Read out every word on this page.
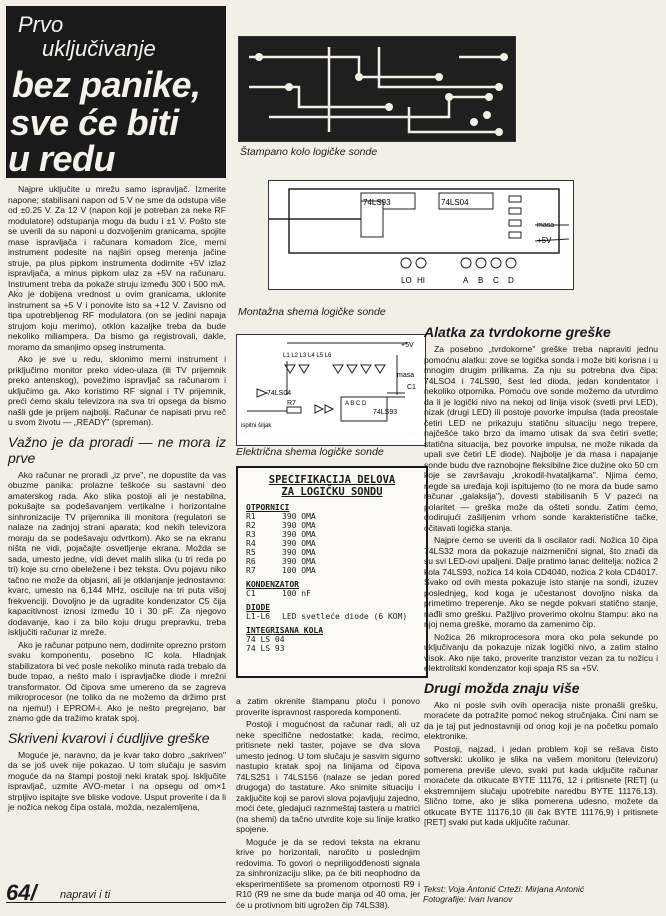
Prvo
uključivanje
bez panike,
sve će biti
u redu

Najpre uključite u mrežu samo ispravljač. Izmerite napone; stabilisani napon od 5 V ne sme da odstupa više od ±0.25 V. Za 12 V (napon koji je potreban za neke RF modulatore) odstupanja mogu da budu i ±1 V. Pošto ste se uverili da su naponi u dozvoljenim granicama, spojite mase ispravljača i računara komadom žice, merni instrument podesite na najširi opseg merenja jačine struje, pa plus pipkom instrumenta dodirnite +5V izlaz ispravljača, a minus pipkom ulaz za +5V na računaru. Instrument treba da pokaže struju između 300 i 500 mA. Ako je dobijena vrednost u ovim granicama, uklonite instrument sa +5 V i ponovite isto sa +12 V. Zavisno od tipa upotrebljenog RF modulatora (on se jedini napaja strujom koju merimo), otklon kazaljke treba da bude nekoliko miliampera. Da bismo ga registrovali, dakle, moramo da smanjimo opseg instrumenta.

Ako je sve u redu, sklonimo merni instrument i priključimo monitor preko video-ulaza (ili TV prijemnik preko antenskog), povežimo ispravljač sa računarom i uključimo ga. Ako koristimo RF signal i TV prijemnik, preći ćemo skalu televizora na sva tri opsega da bismo našli gde je prijem najbolji. Računar će napisati prvu reč u svom životu — „READY" (spreman).

Važno je da proradi — ne mora iz prve

Ako računar ne proradi „iz prve", ne dopustite da vas obuzme panika: prolazne teškoće su sastavni deo amaterskog rada. Ako slika postoji ali je nestabilna, pokušajte sa podešavanjem vertikalne i horizontalne sinhronizacije TV prijemnika ili monitora (regulatori se nalaze na zadnjoj strani aparata; kod nekih televizora moraju da se podešavaju odvrtkom). Ako se na ekranu ništa ne vidi, pojačajte osvetljenje ekrana. Možda se sada, umesto jedne, vidi devet malih slika (u tri reda po tri) koje su crno obeležene i bez teksta. Ovu pojavu niko tačno ne može da objasni, ali je otklanjanje jednostavno: kvarc, umesto na 6,144 MHz, osciluje na tri puta višoj frekvenciji. Dovoljno je da ugradite kondenzator C5 čija kapacitivnost iznosi između 10 i 30 pF. Za njegovo dodavanje, kao i za bilo koju drugu prepravku, treba isključiti računar iz mreže.

Ako je računar potpuno nem, dodirnite oprezno prstom svaku komponentu, posebno IC kola. Hladnjak stabilizatora bi već posle nekoliko minuta rada trebalo da bude topao, a nešto malo i ispravljačke diode i mrežni transformator. Od čipova sme umereno da se zagreva mikroprocesor (ne toliko da ne možemo da držimo prst na njemu!) i EPROM-i. Ako je nešto pregrejano, bar znamo gde da tražimo kratak spoj.

Skriveni kvarovi i ćudljive greške

Moguće je, naravno, da je kvar tako dobro „sakriven" da se još uvek nije pokazao. U tom slučaju je sasvim moguće da na štampi postoji neki kratak spoj. Isključite ispravljač, uzmite AVO-metar i na opsegu od om×1 strpljivo ispitajte sve bliske vodove. Usput proverite i da li je nožica nekog čipa ostala, možda, nezalemljena,

Štampano kolo logičke sonde
74LS93	74LS04
masa
+5V
LO HI	A B C D
Montažna shema logičke sonde
74LS93
74LS04
+5V
masa
R7
C1
ispitni šiljak
A B C D
L1 L2 L3 L4 L5 L6
Električna shema logičke sonde
SPECIFIKACIJA DELOVA
ZA LOGIČKU SONDU
OTPORNICI
R1	390 OMA
R2	390 OMA
R3	390 OMA
R4	390 OMA
R5	390 OMA
R6	390 OMA
R7	100 OMA
KONDENZATOR
C1	100 nF
DIODE
L1-L6	LED svetleće diode (6 KOM)
INTEGRISANA KOLA
74 LS 04
74 LS 93

a zatim okrenite štampanu ploču i ponovo proverite ispravnost rasporeda komponenti.

Postoji i mogućnost da računar radi, ali uz neke specifične nedostatke: kada, recimo, pritisnete neki taster, pojave se dva slova umesto jednog. U tom slučaju je sasvim sigurno nastupio kratak spoj na linijama od čipova 74LS251 i 74LS156 (nalaze se jedan pored drugoga) do tastature. Ako snimite situaciju i zaključite koji se parovi slova pojavljuju zajedno, moći ćete, gledajući raznmeštaj tastera u matrici (na shemi) da tačno utvrdite koje su linije kratko spojene.

Moguće je da se redovi teksta na ekranu krive po horizontali, naročito u poslednjim redovima. To govori o nepriligodđenosti signala za sinhronizaciju slike, pa će biti neophodno da eksperimentišete sa promenom otpornosti R9 i R10 (R9 ne sme da bude manja od 40 oma, jer će u protivnom biti ugrožen čip 74LS38).

Alatka za tvrdokorne greške

Za posebno „tvrdokorne" greške treba napraviti jednu pomoćnu alatku: zove se logička sonda i može biti korisna i u mnogim drugim prilikama. Za nju su potrebna dva čipa: 74LSO4 i 74LS90, šest led dioda, jedan kondentator i nekoliko otpornika. Pomoću ove sonde možemo da utvrdimo da li je logički nivo na nekoj od linija visok (svetli prvi LED), nizak (drugi LED) ili postoje povorke impulsa (tada preostale četiri LED ne prikazuju statičnu situaciju nego trepere, najčešće tako brzo da imamo utisak da sva četiri svetle; statična situacija, bez povorke impulsa, ne može nikada da upali sve četiri LE diode). Najbolje je da masa i napajanje sonde budu dve raznobojne fleksibilne žice dužine oko 50 cm koje se završavaju „krokodil-hvataljkama". Njima ćemo, negde sa uređaja koji ispitujemo (to ne mora da bude samo računar „galaksija"), dovesti stabilisanih 5 V pazeći na polaritet — greška može da ošteti sondu. Zatim ćemo, dodirujući zašiljenim vrhom sonde karakteristične tačke, očitavati logička stanja.

Najpre ćemo se uveriti da li oscilator radi. Nožica 10 čipa 74LS32 mora da pokazuje naizmenični signal, što znači da su svi LED-ovi upaljeni. Dalje pratimo lanac delitelja: nožica 2 kola 74LS93, nožica 14 kola CD4040, nožica 2 kola CD4017. Svako od ovih mesta pokazuje isto stanje na sondi, izuzev poslednjeg, kod koga je učestanost dovoljno niska da primetimo treperenje. Ako se negde pokvari statično stanje, nađli smo grešku. Pažljivo proverimo okolnu štampu: ako na njoj nema greške, moramo da zamenimo čip.

Nožica 26 mikroprocesora mora oko pola sekunde po uključivanju da pokazuje nizak logički nivo, a zatim stalno visok. Ako nije tako, proverite tranzistor vezan za tu nožicu i elektrolitski kondenzator koji spaja R5 sa +5V.

Drugi možda znaju više

Ako ni posle svih ovih operacija niste pronašli grešku, moraćete da potražite pomoć nekog stručnjaka. Čini nam se da je taj put jednostavniji od onog koji je na početku pomalo elektronike.

Postoji, najzad, i jedan problem koji se rešava čisto softverski: ukoliko je slika na vašem monitoru (televizoru) pomerena previše ulevo, svaki put kada uključite računar moraćete da otkucate BYTE 11176, 12 i pritisnete [RET] (u ekstremnijem slučaju upotrebite naredbu BYTE 11176,13). Slično tome, ako je slika pomerena udesno, možete da otkucate BYTE 11176,10 (ili čak BYTE 11176,9) i pritisnete [RET] svaki put kada uključite računar.

64/ napravi i ti	Tekst: Voja Antonić Crteži: Mirjana Antonić
Fotografije: Ivan Ivanov
